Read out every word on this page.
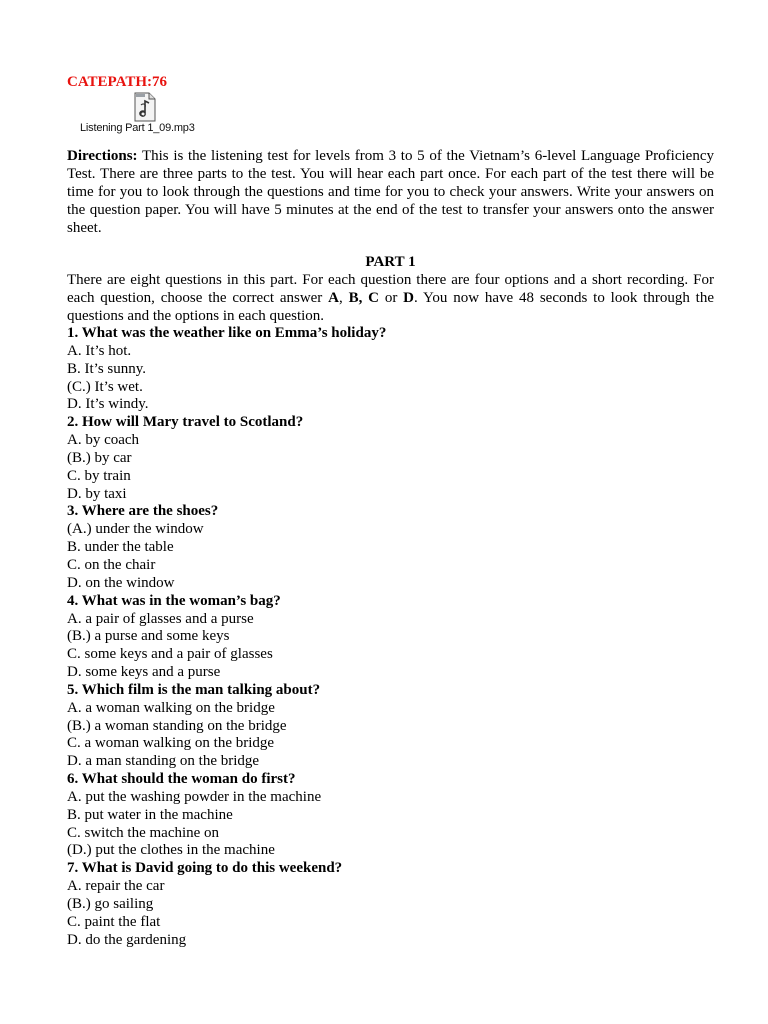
CATEPATH:76
Listening Part 1_09.mp3

Directions: This is the listening test for levels from 3 to 5 of the Vietnam’s 6-level Language Proficiency Test. There are three parts to the test. You will hear each part once. For each part of the test there will be time for you to look through the questions and time for you to check your answers. Write your answers on the question paper. You will have 5 minutes at the end of the test to transfer your answers onto the answer sheet.

PART 1

There are eight questions in this part. For each question there are four options and a short recording. For each question, choose the correct answer A, B, C or D. You now have 48 seconds to look through the questions and the options in each question.

1. What was the weather like on Emma’s holiday?
A. It’s hot.
B. It’s sunny.
(C.) It’s wet.
D. It’s windy.
2. How will Mary travel to Scotland?
A. by coach
(B.) by car
C. by train
D. by taxi
3. Where are the shoes?
(A.) under the window
B. under the table
C. on the chair
D. on the window
4. What was in the woman’s bag?
A. a pair of glasses and a purse
(B.) a purse and some keys
C. some keys and a pair of glasses
D. some keys and a purse
5. Which film is the man talking about?
A. a woman walking on the bridge
(B.) a woman standing on the bridge
C. a woman walking on the bridge
D. a man standing on the bridge
6. What should the woman do first?
A. put the washing powder in the machine
B. put water in the machine
C. switch the machine on
(D.) put the clothes in the machine
7. What is David going to do this weekend?
A. repair the car
(B.) go sailing
C. paint the flat
D. do the gardening
